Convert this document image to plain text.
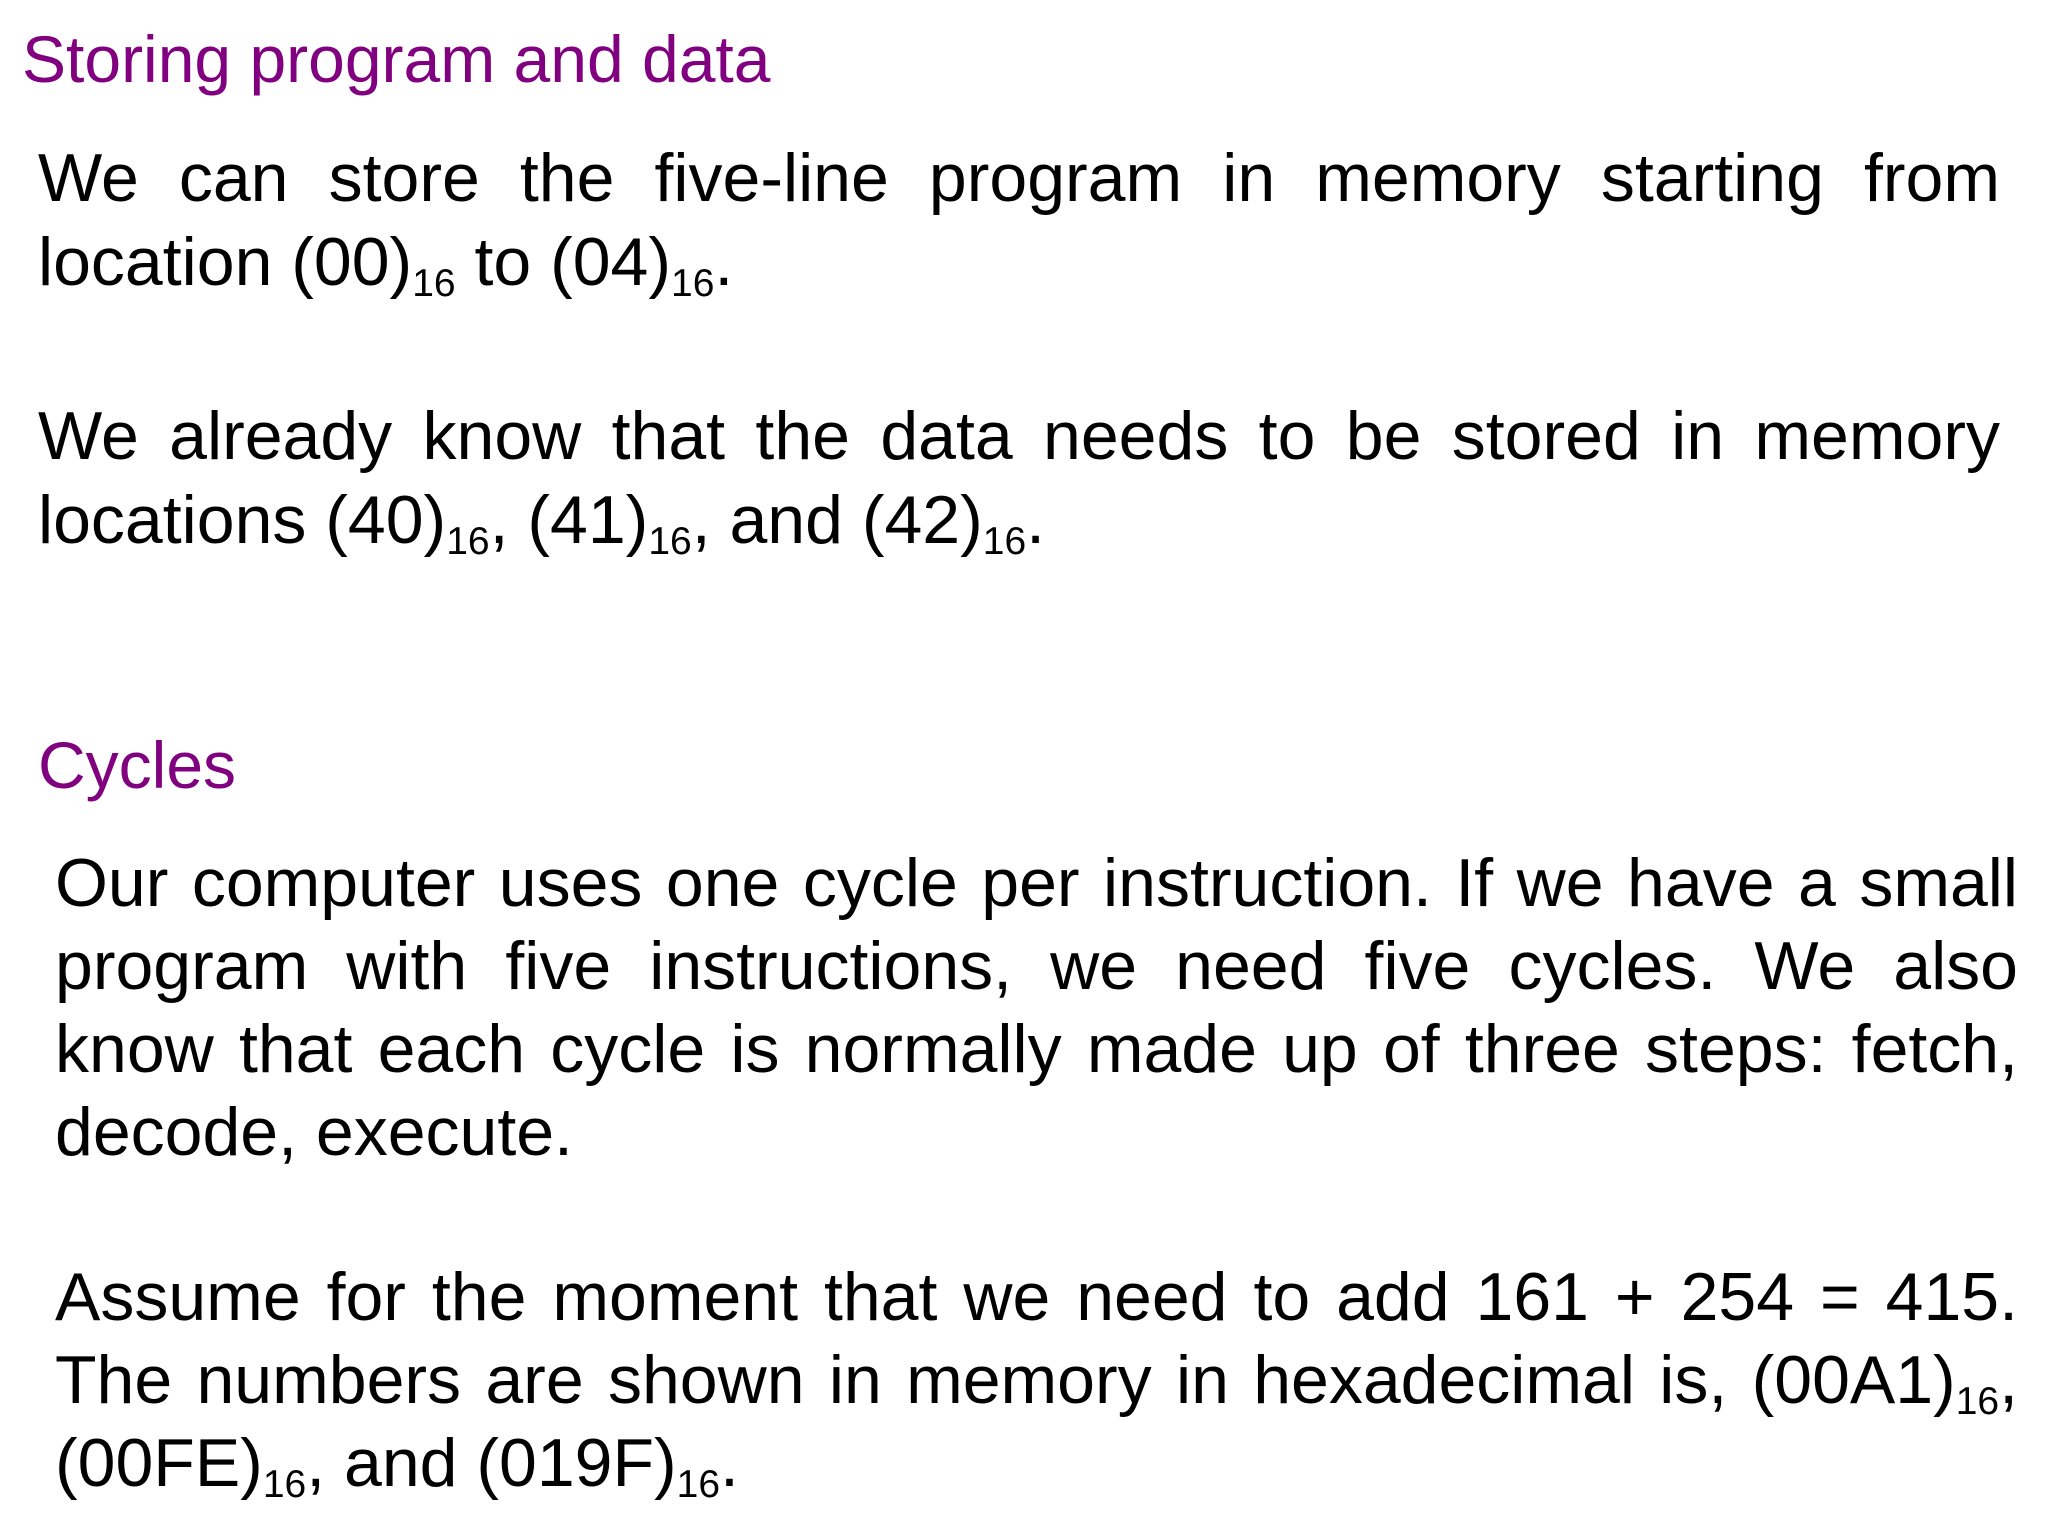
Storing program and data

We can store the five-line program in memory starting from location $(00)_{16}$ to $(04)_{16}$.

We already know that the data needs to be stored in memory locations $(40)_{16}$, $(41)_{16}$, and $(42)_{16}$.

Cycles

Our computer uses one cycle per instruction. If we have a small program with five instructions, we need five cycles. We also know that each cycle is normally made up of three steps: fetch, decode, execute.

Assume for the moment that we need to add 161 + 254 = 415. The numbers are shown in memory in hexadecimal is, $(00A1)_{16}$, $(00FE)_{16}$, and $(019F)_{16}$.
